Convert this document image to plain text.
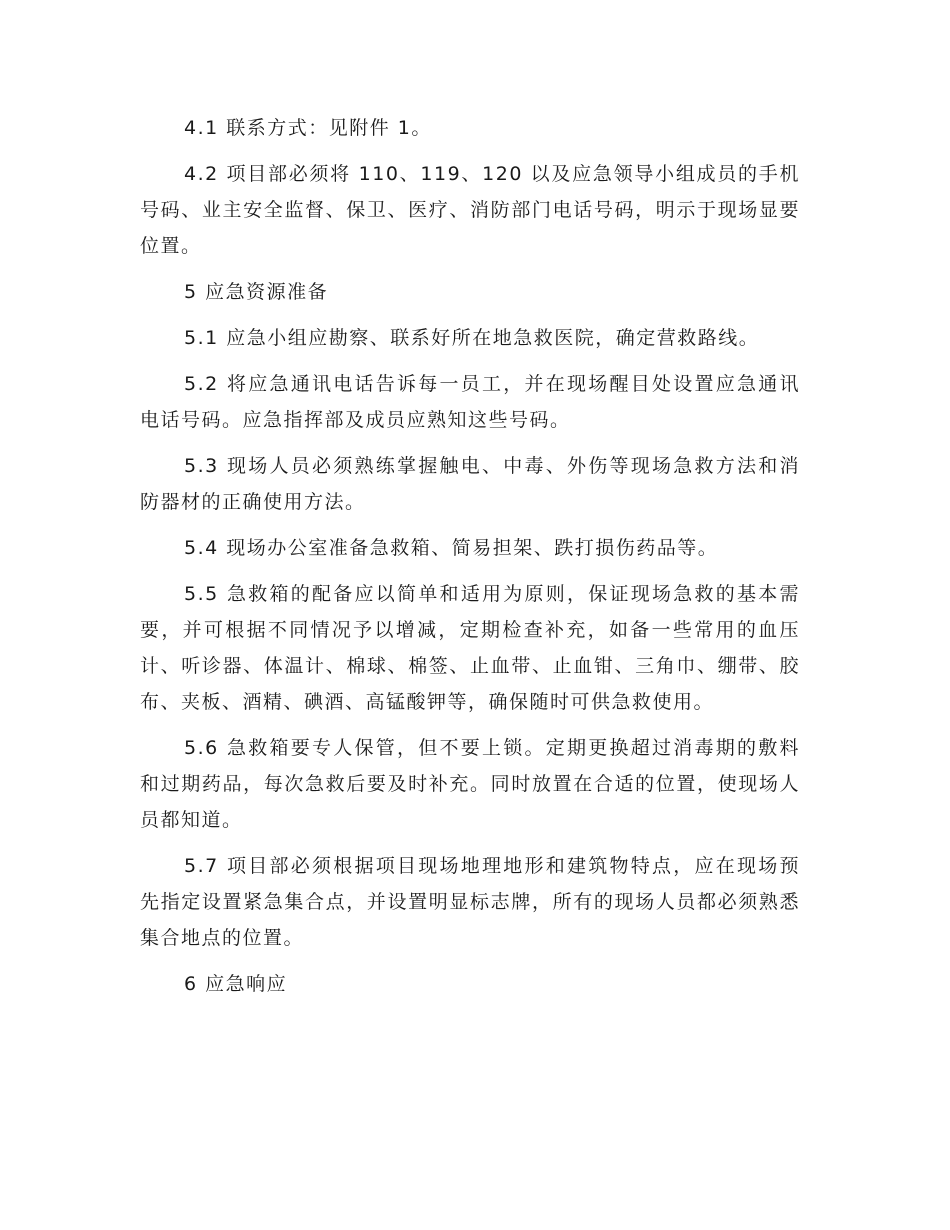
4.1 联系方式：见附件 1。

4.2 项目部必须将 110、119、120 以及应急领导小组成员的手机号码、业主安全监督、保卫、医疗、消防部门电话号码，明示于现场显要位置。

5 应急资源准备

5.1 应急小组应勘察、联系好所在地急救医院，确定营救路线。

5.2 将应急通讯电话告诉每一员工，并在现场醒目处设置应急通讯电话号码。应急指挥部及成员应熟知这些号码。

5.3 现场人员必须熟练掌握触电、中毒、外伤等现场急救方法和消防器材的正确使用方法。

5.4 现场办公室准备急救箱、简易担架、跌打损伤药品等。

5.5 急救箱的配备应以简单和适用为原则，保证现场急救的基本需要，并可根据不同情况予以增减，定期检查补充，如备一些常用的血压计、听诊器、体温计、棉球、棉签、止血带、止血钳、三角巾、绷带、胶布、夹板、酒精、碘酒、高锰酸钾等，确保随时可供急救使用。

5.6 急救箱要专人保管，但不要上锁。定期更换超过消毒期的敷料和过期药品，每次急救后要及时补充。同时放置在合适的位置，使现场人员都知道。

5.7 项目部必须根据项目现场地理地形和建筑物特点，应在现场预先指定设置紧急集合点，并设置明显标志牌，所有的现场人员都必须熟悉集合地点的位置。

6 应急响应
